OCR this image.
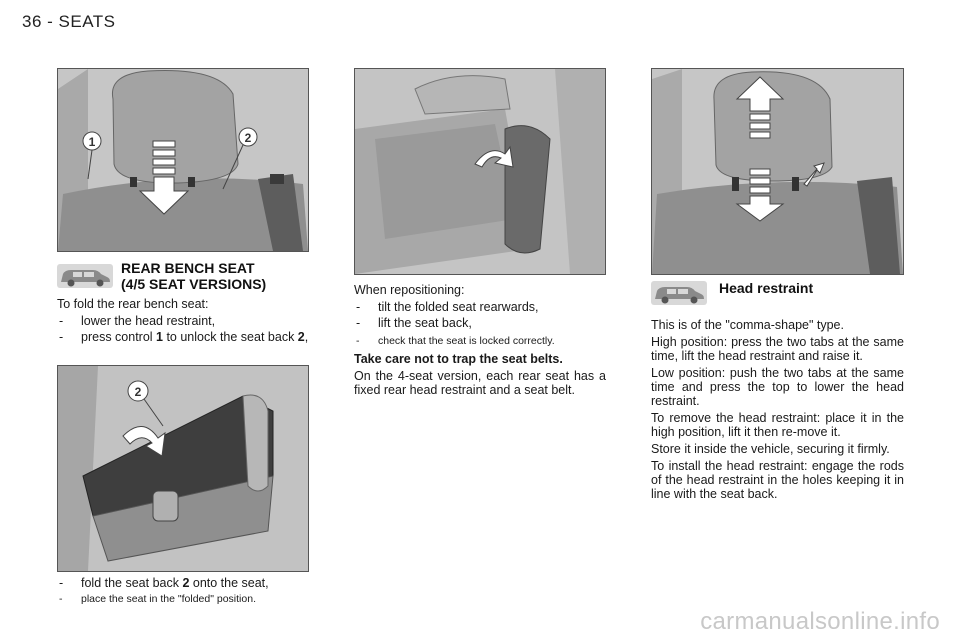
36 - SEATS
1	2
2
REAR BENCH SEAT
(4/5 SEAT VERSIONS)

To fold the rear bench seat:

- lower the head restraint,
- press control 1 to unlock the seat back 2,
- fold the seat back 2 onto the seat,
- place the seat in the "folded" position.

When repositioning:

- tilt the folded seat rearwards,
- lift the seat back,
- check that the seat is locked correctly.

Take care not to trap the seat belts.

On the 4-seat version, each rear seat has a fixed rear head restraint and a seat belt.

Head restraint

This is of the "comma-shape" type.

High position: press the two tabs at the same time, lift the head restraint and raise it.

Low position: push the two tabs at the same time and press the top to lower the head restraint.

To remove the head restraint: place it in the high position, lift it then re-move it.

Store it inside the vehicle, securing it firmly.

To install the head restraint: engage the rods of the head restraint in the holes keeping it in line with the seat back.

carmanualsonline.info
